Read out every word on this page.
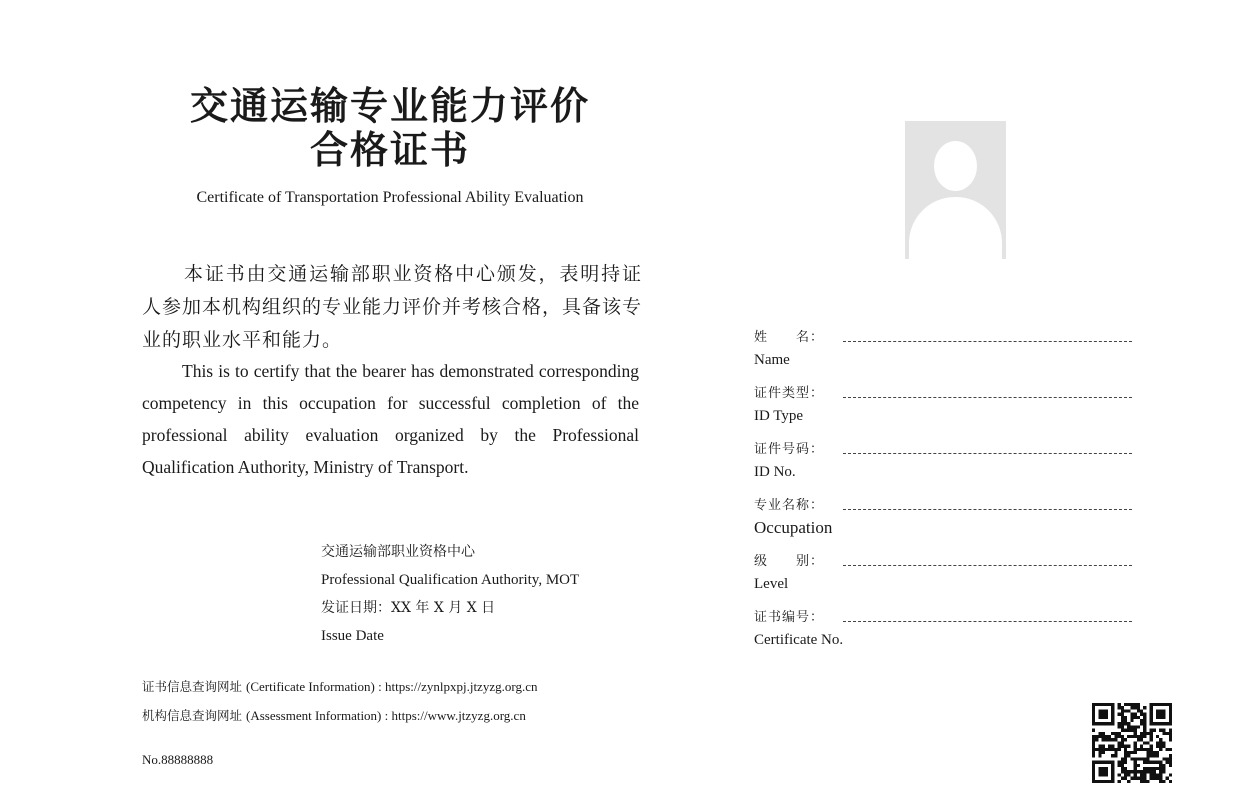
交通运输专业能力评价
合格证书
Certificate of Transportation Professional Ability Evaluation
本证书由交通运输部职业资格中心颁发，表明持证人参加本机构组织的专业能力评价并考核合格，具备该专业的职业水平和能力。
This is to certify that the bearer has demonstrated corresponding competency in this occupation for successful completion of the professional ability evaluation organized by the Professional Qualification Authority, Ministry of Transport.
交通运输部职业资格中心
Professional Qualification Authority, MOT
发证日期：XX 年 X 月 X 日
Issue Date
证书信息查询网址 (Certificate Information) : https://zynlpxpj.jtzyzg.org.cn
机构信息查询网址 (Assessment Information) : https://www.jtzyzg.org.cn
No.88888888
姓　　名：
Name
证件类型：
ID Type
证件号码：
ID No.
专业名称：
Occupation
级　　别：
Level
证书编号：
Certificate No.
